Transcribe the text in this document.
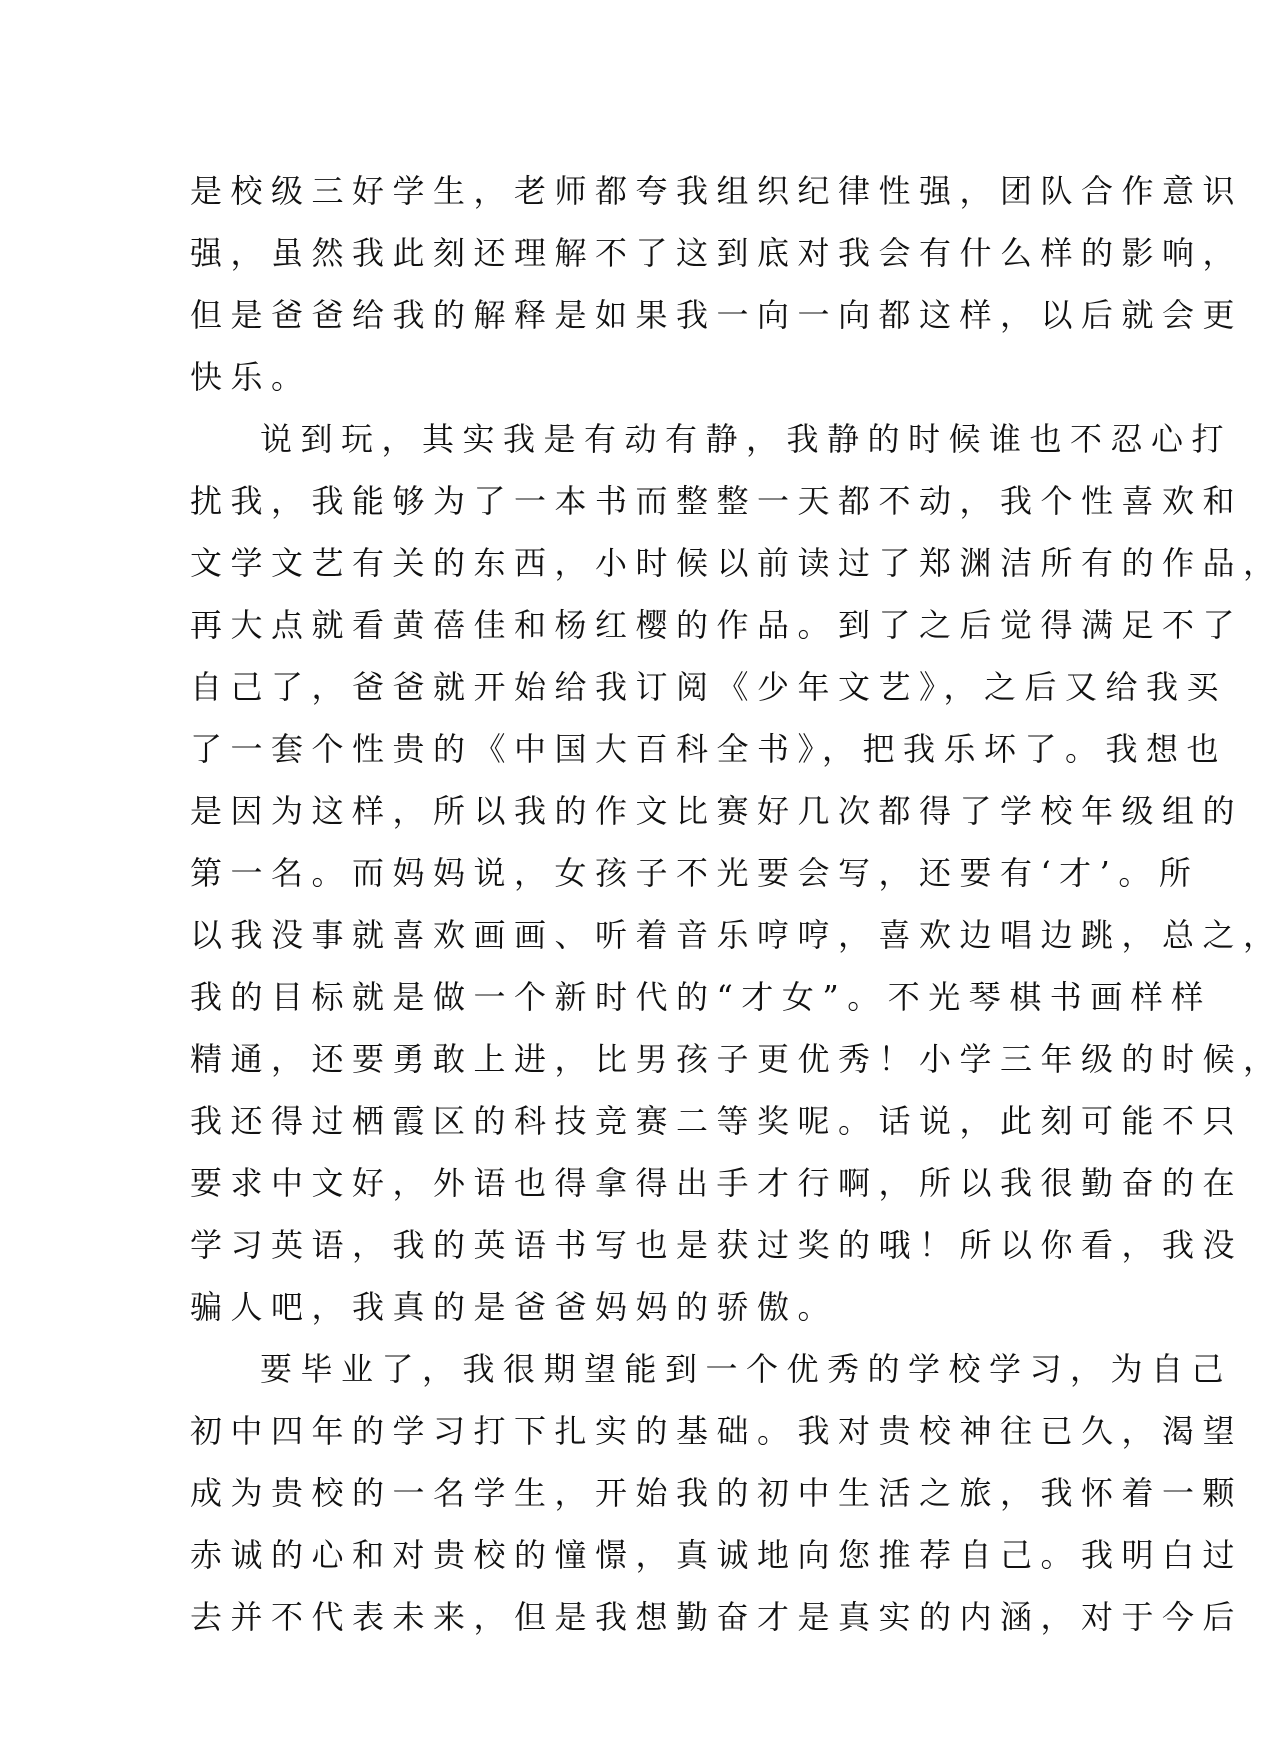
是校级三好学生，老师都夸我组织纪律性强，团队合作意识
强，虽然我此刻还理解不了这到底对我会有什么样的影响，
但是爸爸给我的解释是如果我一向一向都这样，以后就会更
快乐。
说到玩，其实我是有动有静，我静的时候谁也不忍心打
扰我，我能够为了一本书而整整一天都不动，我个性喜欢和
文学文艺有关的东西，小时候以前读过了郑渊洁所有的作品，
再大点就看黄蓓佳和杨红樱的作品。到了之后觉得满足不了
自己了，爸爸就开始给我订阅《少年文艺》，之后又给我买
了一套个性贵的《中国大百科全书》，把我乐坏了。我想也
是因为这样，所以我的作文比赛好几次都得了学校年级组的
第一名。而妈妈说，女孩子不光要会写，还要有‘才’。所
以我没事就喜欢画画、听着音乐哼哼，喜欢边唱边跳，总之，
我的目标就是做一个新时代的“才女”。不光琴棋书画样样
精通，还要勇敢上进，比男孩子更优秀！小学三年级的时候，
我还得过栖霞区的科技竞赛二等奖呢。话说，此刻可能不只
要求中文好，外语也得拿得出手才行啊，所以我很勤奋的在
学习英语，我的英语书写也是获过奖的哦！所以你看，我没
骗人吧，我真的是爸爸妈妈的骄傲。
要毕业了，我很期望能到一个优秀的学校学习，为自己
初中四年的学习打下扎实的基础。我对贵校神往已久，渴望
成为贵校的一名学生，开始我的初中生活之旅，我怀着一颗
赤诚的心和对贵校的憧憬，真诚地向您推荐自己。我明白过
去并不代表未来，但是我想勤奋才是真实的内涵，对于今后
